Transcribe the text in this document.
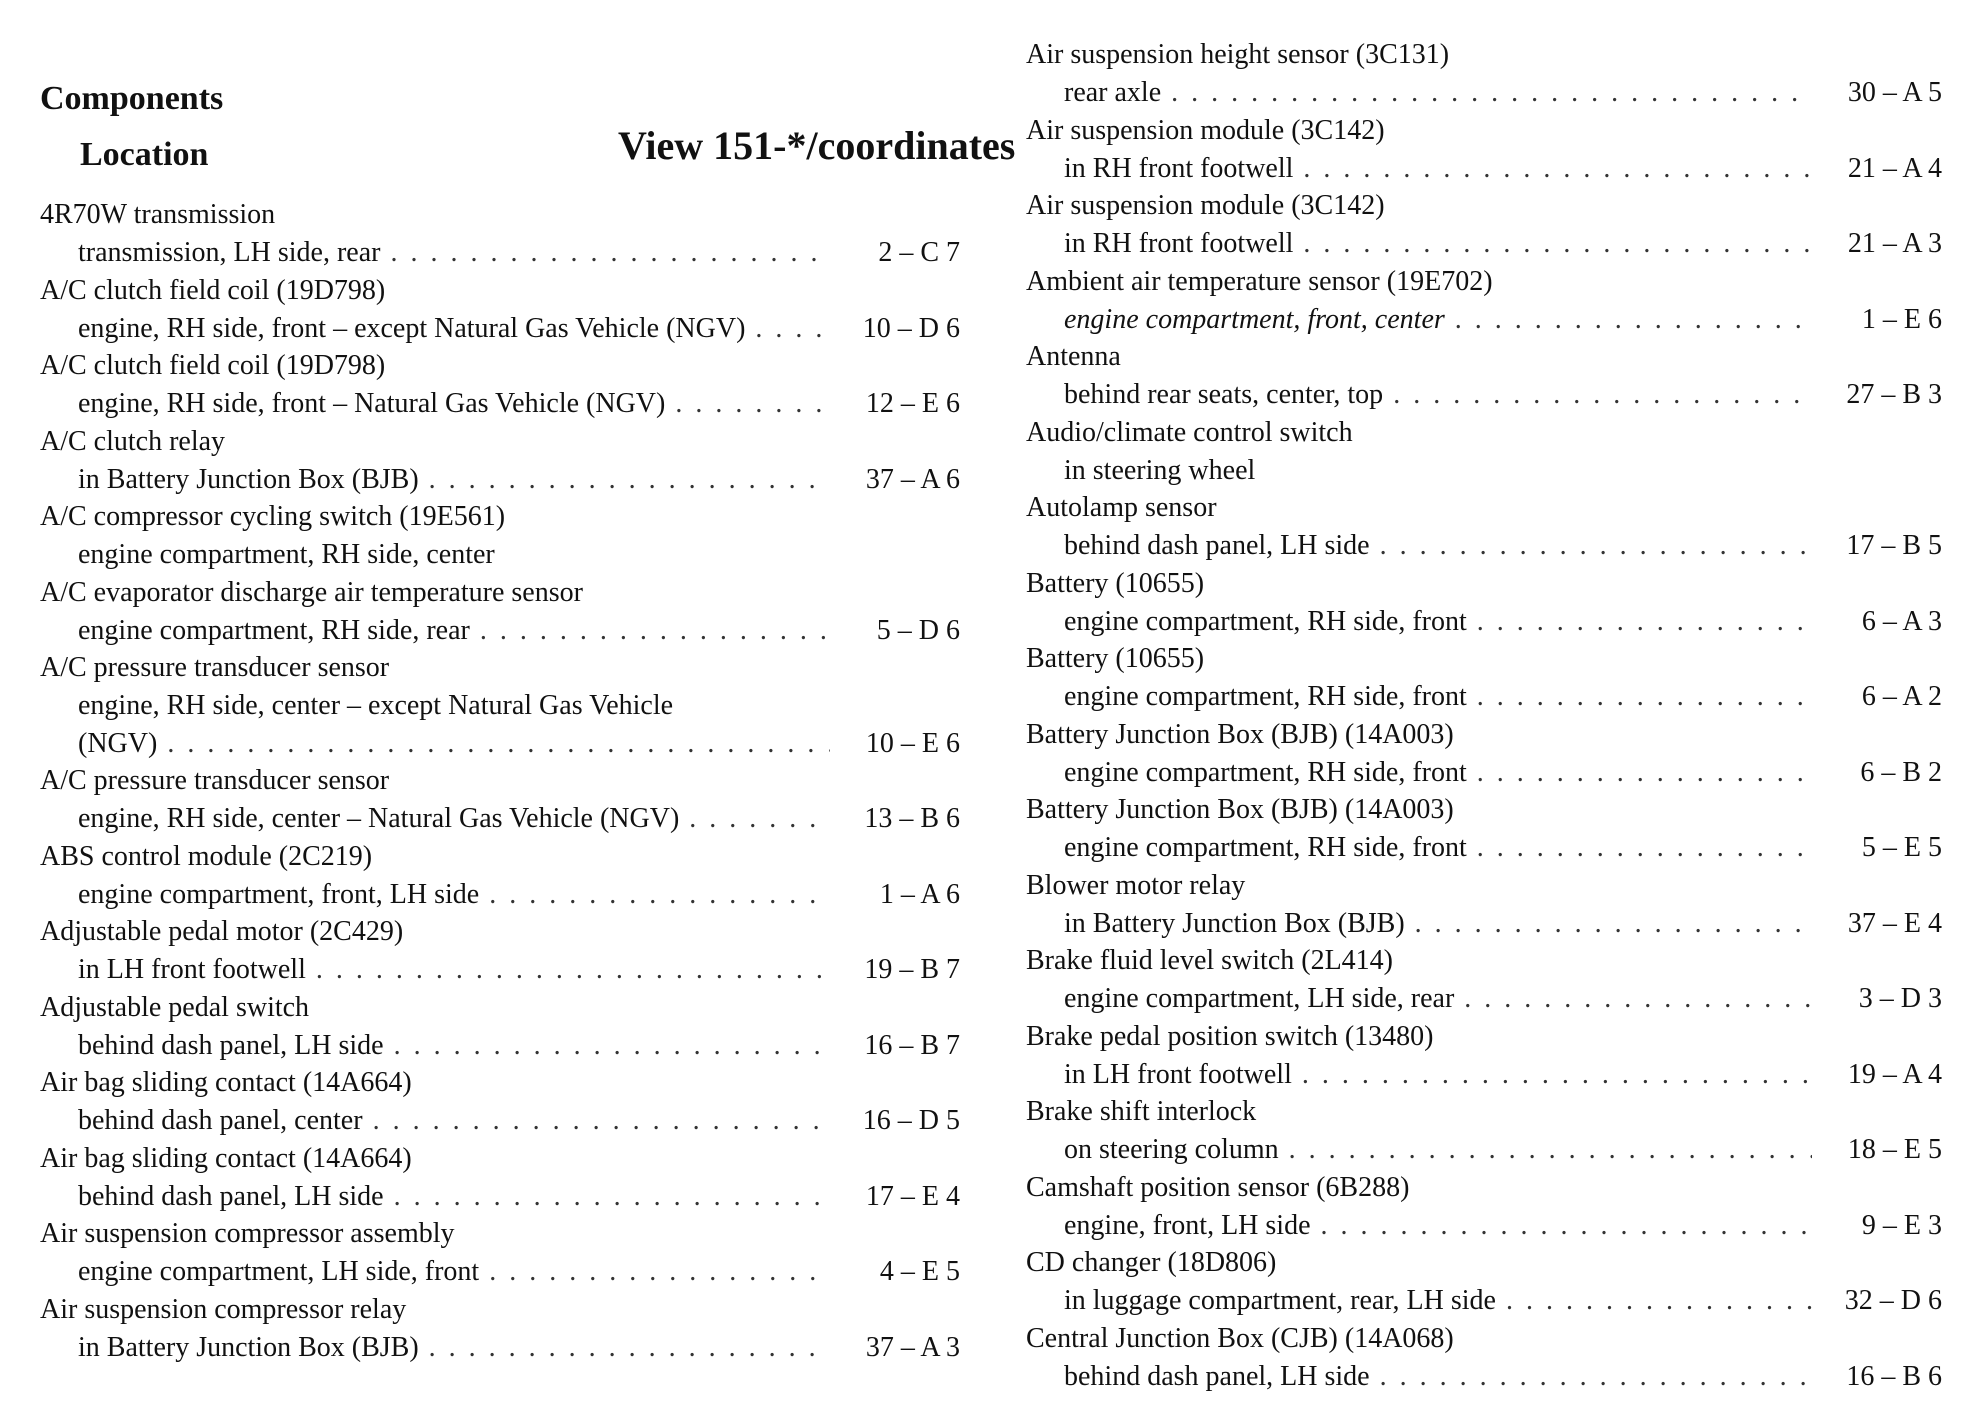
Components
Location	View 151-*/coordinates
4R70W transmission
transmission, LH side, rear . . .	2 – C 7
A/C clutch field coil (19D798)
engine, RH side, front – except Natural Gas Vehicle (NGV) . . .	10 – D 6
A/C clutch field coil (19D798)
engine, RH side, front – Natural Gas Vehicle (NGV) . . .	12 – E 6
A/C clutch relay
in Battery Junction Box (BJB) . . .	37 – A 6
A/C compressor cycling switch (19E561)
engine compartment, RH side, center
A/C evaporator discharge air temperature sensor
engine compartment, RH side, rear . . .	5 – D 6
A/C pressure transducer sensor
engine, RH side, center – except Natural Gas Vehicle
(NGV) . . .	10 – E 6
A/C pressure transducer sensor
engine, RH side, center – Natural Gas Vehicle (NGV) . . .	13 – B 6
ABS control module (2C219)
engine compartment, front, LH side . . .	1 – A 6
Adjustable pedal motor (2C429)
in LH front footwell . . .	19 – B 7
Adjustable pedal switch
behind dash panel, LH side . . .	16 – B 7
Air bag sliding contact (14A664)
behind dash panel, center . . .	16 – D 5
Air bag sliding contact (14A664)
behind dash panel, LH side . . .	17 – E 4
Air suspension compressor assembly
engine compartment, LH side, front . . .	4 – E 5
Air suspension compressor relay
in Battery Junction Box (BJB) . . .	37 – A 3
Air suspension height sensor (3C131)
rear axle . . .	30 – A 5
Air suspension module (3C142)
in RH front footwell . . .	21 – A 4
Air suspension module (3C142)
in RH front footwell . . .	21 – A 3
Ambient air temperature sensor (19E702)
engine compartment, front, center . . .	1 – E 6
Antenna
behind rear seats, center, top . . .	27 – B 3
Audio/climate control switch
in steering wheel
Autolamp sensor
behind dash panel, LH side . . .	17 – B 5
Battery (10655)
engine compartment, RH side, front . . .	6 – A 3
Battery (10655)
engine compartment, RH side, front . . .	6 – A 2
Battery Junction Box (BJB) (14A003)
engine compartment, RH side, front . . .	6 – B 2
Battery Junction Box (BJB) (14A003)
engine compartment, RH side, front . . .	5 – E 5
Blower motor relay
in Battery Junction Box (BJB) . . .	37 – E 4
Brake fluid level switch (2L414)
engine compartment, LH side, rear . . .	3 – D 3
Brake pedal position switch (13480)
in LH front footwell . . .	19 – A 4
Brake shift interlock
on steering column . . .	18 – E 5
Camshaft position sensor (6B288)
engine, front, LH side . . .	9 – E 3
CD changer (18D806)
in luggage compartment, rear, LH side . . .	32 – D 6
Central Junction Box (CJB) (14A068)
behind dash panel, LH side . . .	16 – B 6
